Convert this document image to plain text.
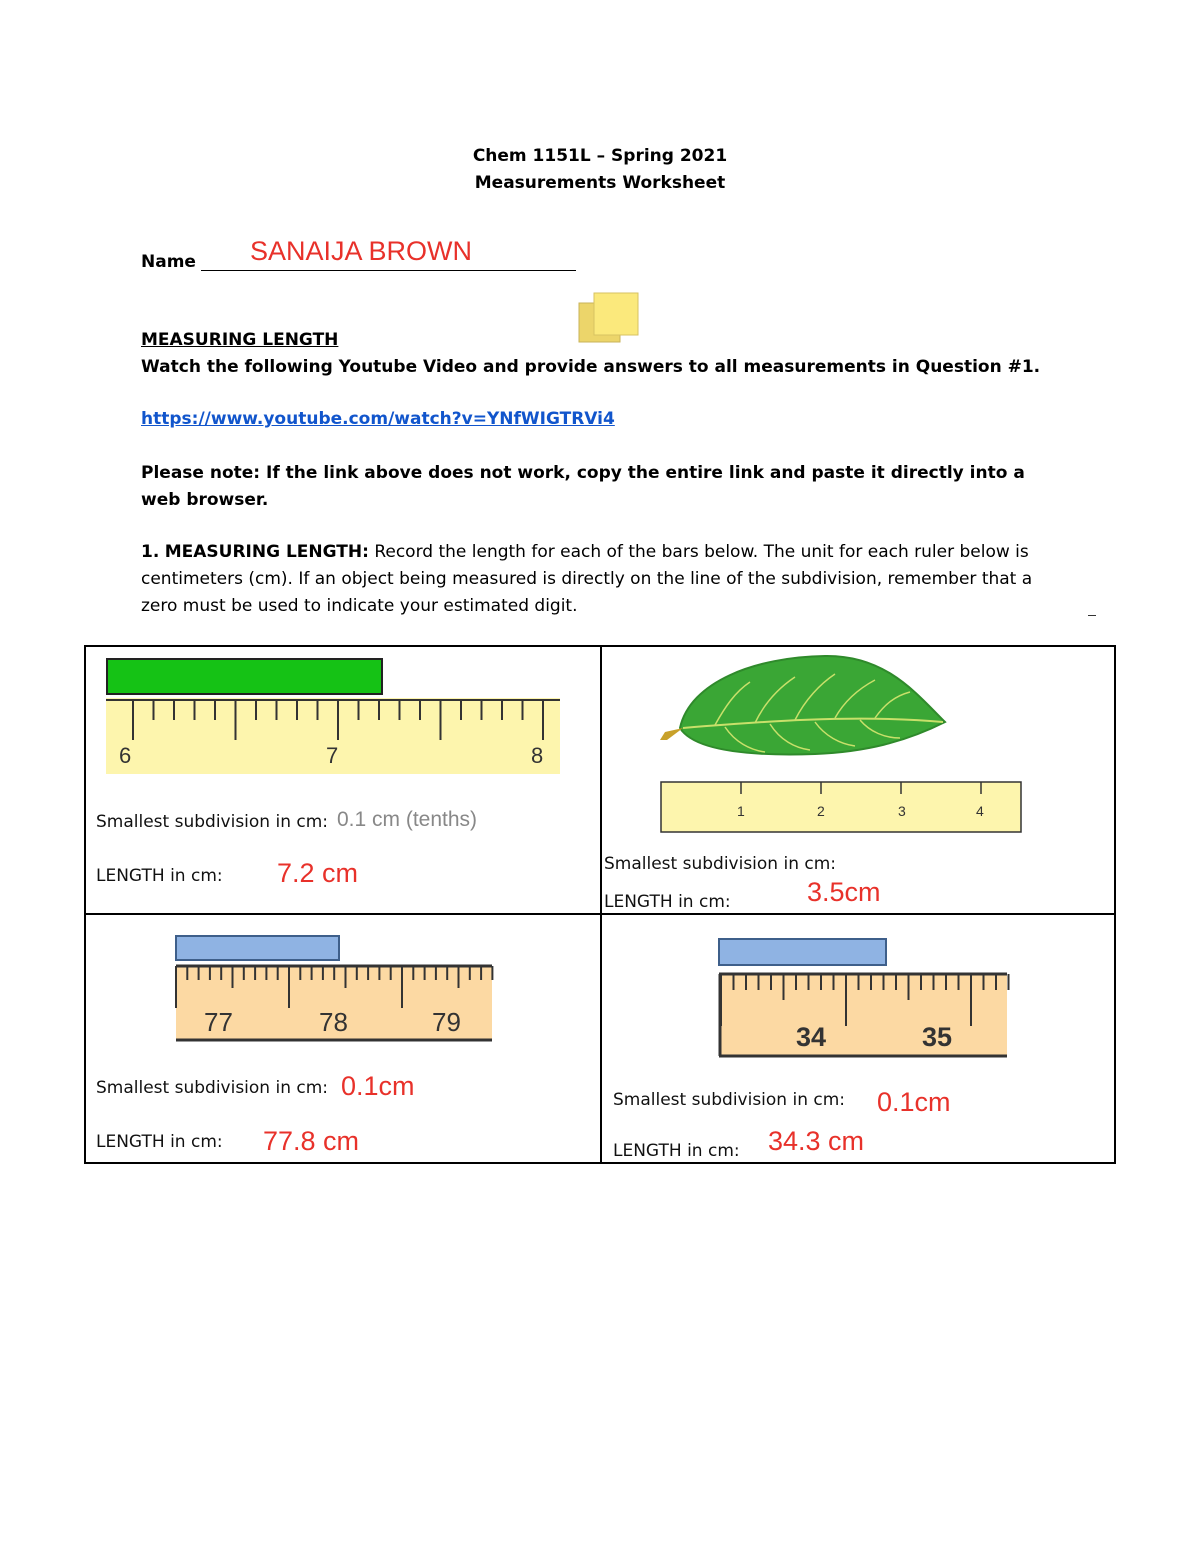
Chem 1151L – Spring 2021
Measurements Worksheet
Name SANAIJA BROWN
MEASURING LENGTH
Watch the following Youtube Video and provide answers to all measurements in Question #1.
https://www.youtube.com/watch?v=YNfWIGTRVi4
Please note: If the link above does not work, copy the entire link and paste it directly into a web browser.
1. MEASURING LENGTH: Record the length for each of the bars below. The unit for each ruler below is centimeters (cm). If an object being measured is directly on the line of the subdivision, remember that a zero must be used to indicate your estimated digit.
6	7	8
Smallest subdivision in cm: 0.1 cm (tenths)
LENGTH in cm: 7.2 cm
1	2	3	4
Smallest subdivision in cm:
LENGTH in cm:	3.5cm
77	78	79
Smallest subdivision in cm: 0.1cm
LENGTH in cm: 77.8 cm
34	35
Smallest subdivision in cm: 0.1cm
LENGTH in cm: 34.3 cm
